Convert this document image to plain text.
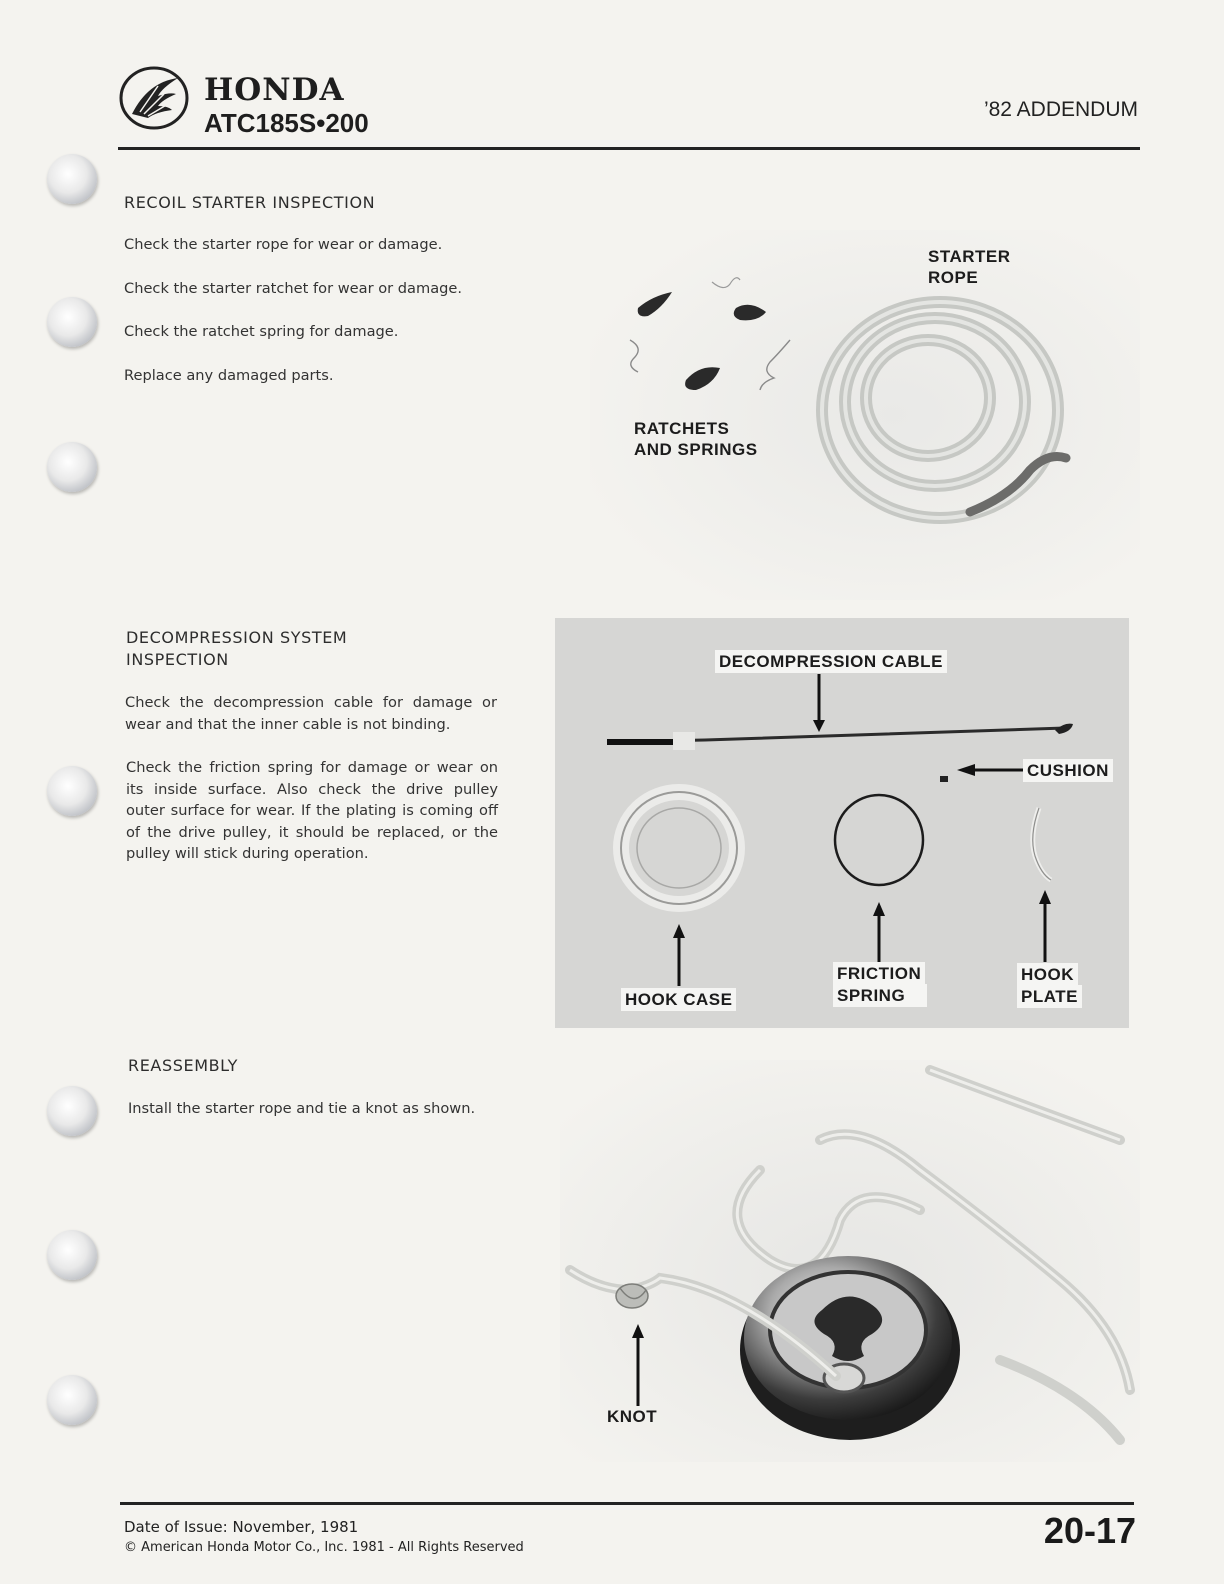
HONDA
ATC185S•200	’82 ADDENDUM
RECOIL STARTER INSPECTION
Check the starter rope for wear or damage.
Check the starter ratchet for wear or damage.
Check the ratchet spring for damage.
Replace any damaged parts.
STARTER
ROPE
RATCHETS
AND SPRINGS
DECOMPRESSION SYSTEM
INSPECTION
Check the decompression cable for damage or wear and that the inner cable is not binding.
Check the friction spring for damage or wear on its inside surface. Also check the drive pulley outer surface for wear. If the plating is coming off of the drive pulley, it should be replaced, or the pulley will stick during operation.
DECOMPRESSION CABLE
CUSHION
HOOK CASE
FRICTION
SPRING
HOOK
PLATE
REASSEMBLY
Install the starter rope and tie a knot as shown.
KNOT
Date of Issue: November, 1981
© American Honda Motor Co., Inc. 1981 - All Rights Reserved	20-17
